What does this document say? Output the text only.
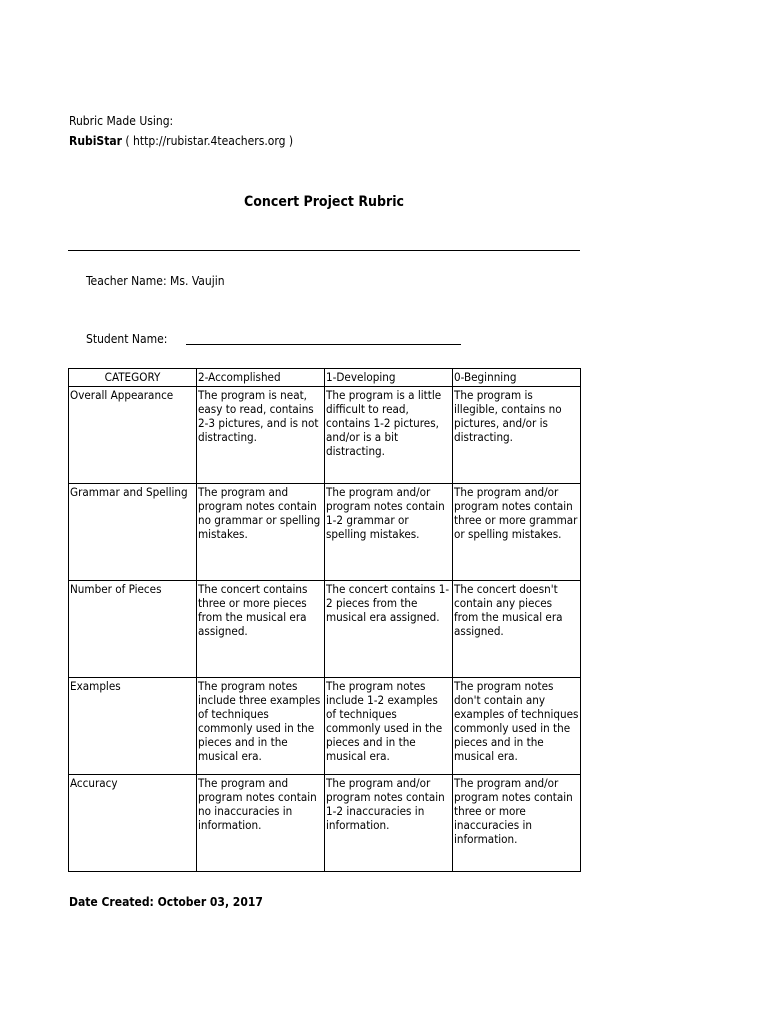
Rubric Made Using:
RubiStar ( http://rubistar.4teachers.org )
Concert Project Rubric
Teacher Name: Ms. Vaujin
Student Name:
CATEGORY	2-Accomplished	1-Developing	0-Beginning
Overall Appearance	The program is neat, easy to read, contains 2-3 pictures, and is not distracting.	The program is a little difficult to read, contains 1-2 pictures, and/or is a bit distracting.	The program is illegible, contains no pictures, and/or is distracting.
Grammar and Spelling	The program and program notes contain no grammar or spelling mistakes.	The program and/or program notes contain 1-2 grammar or spelling mistakes.	The program and/or program notes contain three or more grammar or spelling mistakes.
Number of Pieces	The concert contains three or more pieces from the musical era assigned.	The concert contains 1-2 pieces from the musical era assigned.	The concert doesn't contain any pieces from the musical era assigned.
Examples	The program notes include three examples of techniques commonly used in the pieces and in the musical era.	The program notes include 1-2 examples of techniques commonly used in the pieces and in the musical era.	The program notes don't contain any examples of techniques commonly used in the pieces and in the musical era.
Accuracy	The program and program notes contain no inaccuracies in information.	The program and/or program notes contain 1-2 inaccuracies in information.	The program and/or program notes contain three or more inaccuracies in information.
Date Created: October 03, 2017
